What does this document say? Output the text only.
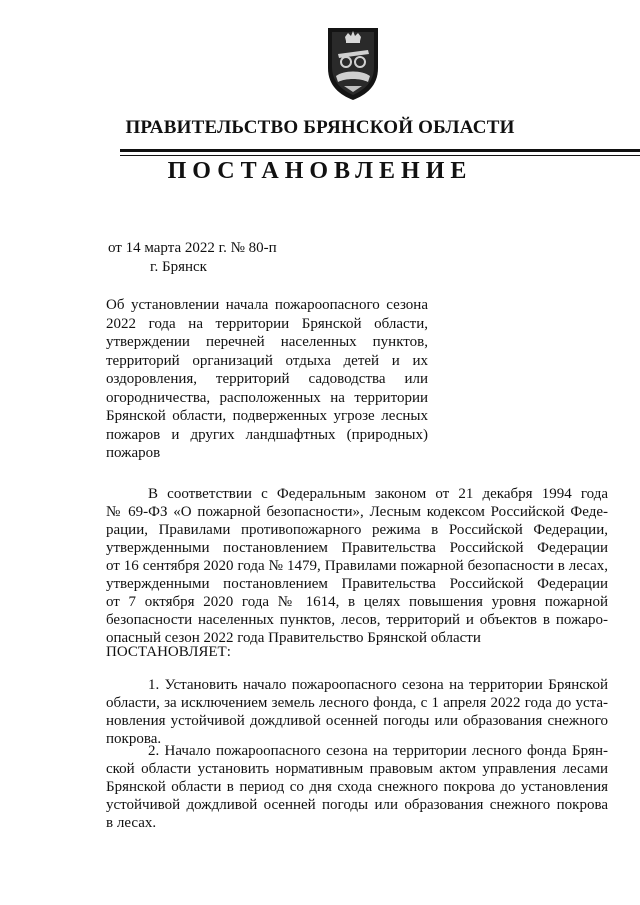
ПРАВИТЕЛЬСТВО БРЯНСКОЙ ОБЛАСТИ
ПОСТАНОВЛЕНИЕ
от 14 марта 2022 г. № 80-п
г. Брянск
Об установлении начала пожароопасного сезона
2022 года на территории Брянской области,
утверждении перечней населенных пунктов,
территорий организаций отдыха детей и их
оздоровления, территорий садоводства или
огородничества, расположенных на территории
Брянской области, подверженных угрозе лесных
пожаров и других ландшафтных (природных)
пожаров
В соответствии с Федеральным законом от 21 декабря 1994 года
№ 69-ФЗ «О пожарной безопасности», Лесным кодексом Российской Феде-
рации, Правилами противопожарного режима в Российской Федерации,
утвержденными постановлением Правительства Российской Федерации
от 16 сентября 2020 года № 1479, Правилами пожарной безопасности в лесах,
утвержденными постановлением Правительства Российской Федерации
от 7 октября 2020 года № 1614, в целях повышения уровня пожарной
безопасности населенных пунктов, лесов, территорий и объектов в пожаро-
опасный сезон 2022 года Правительство Брянской области
ПОСТАНОВЛЯЕТ:
1. Установить начало пожароопасного сезона на территории Брянской
области, за исключением земель лесного фонда, с 1 апреля 2022 года до уста-
новления устойчивой дождливой осенней погоды или образования снежного
покрова.
2. Начало пожароопасного сезона на территории лесного фонда Брян-
ской области установить нормативным правовым актом управления лесами
Брянской области в период со дня схода снежного покрова до установления
устойчивой дождливой осенней погоды или образования снежного покрова
в лесах.
